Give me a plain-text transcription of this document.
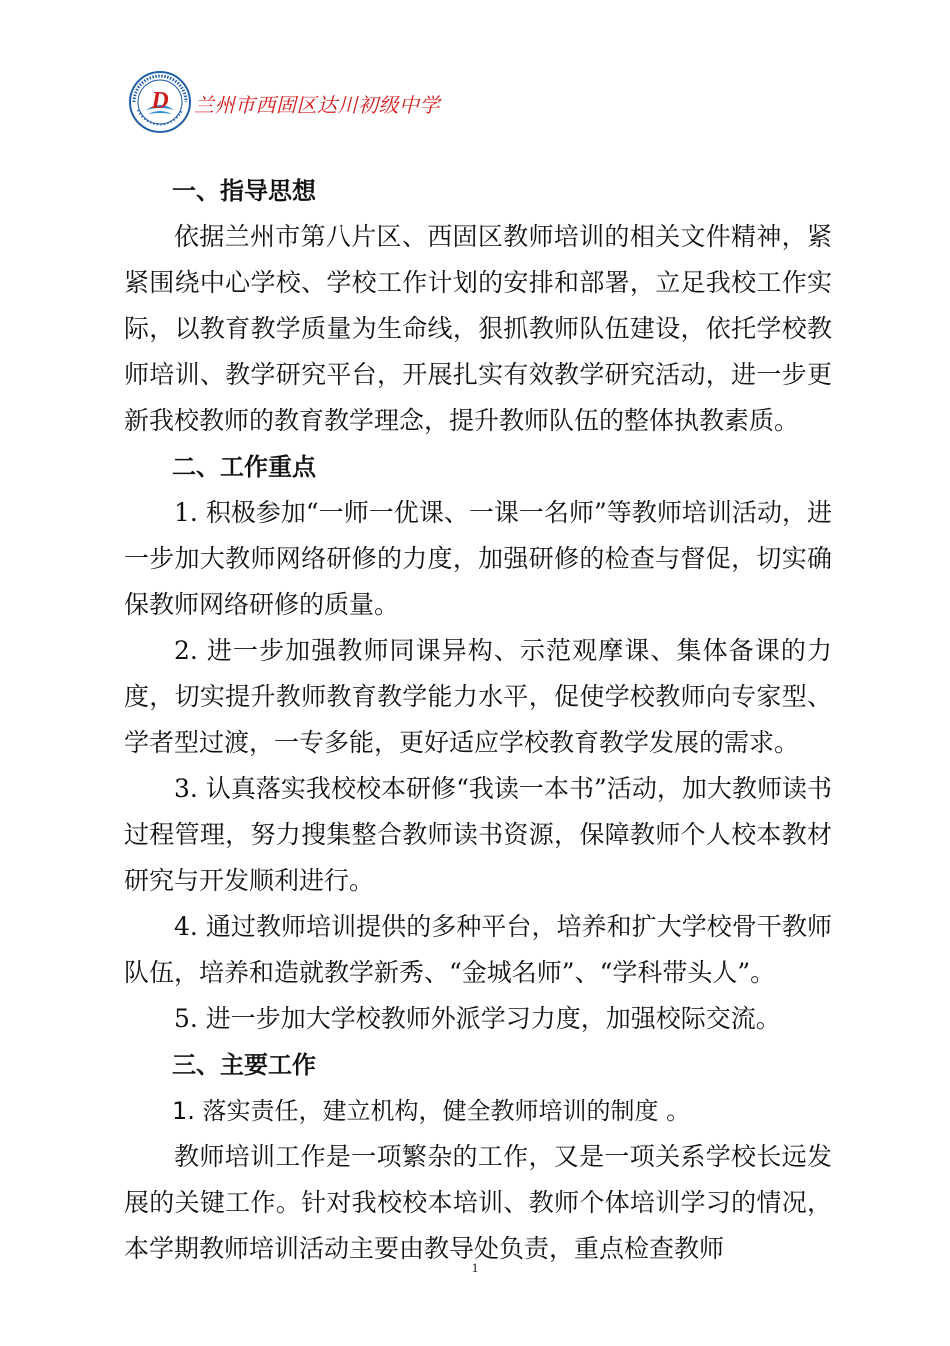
D 兰州市西固区达川初级中学
一、指导思想

依据兰州市第八片区、西固区教师培训的相关文件精神，紧紧围绕中心学校、学校工作计划的安排和部署，立足我校工作实际，以教育教学质量为生命线，狠抓教师队伍建设，依托学校教师培训、教学研究平台，开展扎实有效教学研究活动，进一步更新我校教师的教育教学理念，提升教师队伍的整体执教素质。

二、工作重点

1. 积极参加“一师一优课、一课一名师”等教师培训活动，进一步加大教师网络研修的力度，加强研修的检查与督促，切实确保教师网络研修的质量。

2. 进一步加强教师同课异构、示范观摩课、集体备课的力度，切实提升教师教育教学能力水平，促使学校教师向专家型、学者型过渡，一专多能，更好适应学校教育教学发展的需求。

3. 认真落实我校校本研修“我读一本书”活动，加大教师读书过程管理，努力搜集整合教师读书资源，保障教师个人校本教材研究与开发顺利进行。

4. 通过教师培训提供的多种平台，培养和扩大学校骨干教师队伍，培养和造就教学新秀、“金城名师”、“学科带头人”。

5. 进一步加大学校教师外派学习力度，加强校际交流。

三、主要工作

1. 落实责任，建立机构，健全教师培训的制度 。

教师培训工作是一项繁杂的工作，又是一项关系学校长远发展的关键工作。针对我校校本培训、教师个体培训学习的情况，本学期教师培训活动主要由教导处负责，重点检查教师

1
